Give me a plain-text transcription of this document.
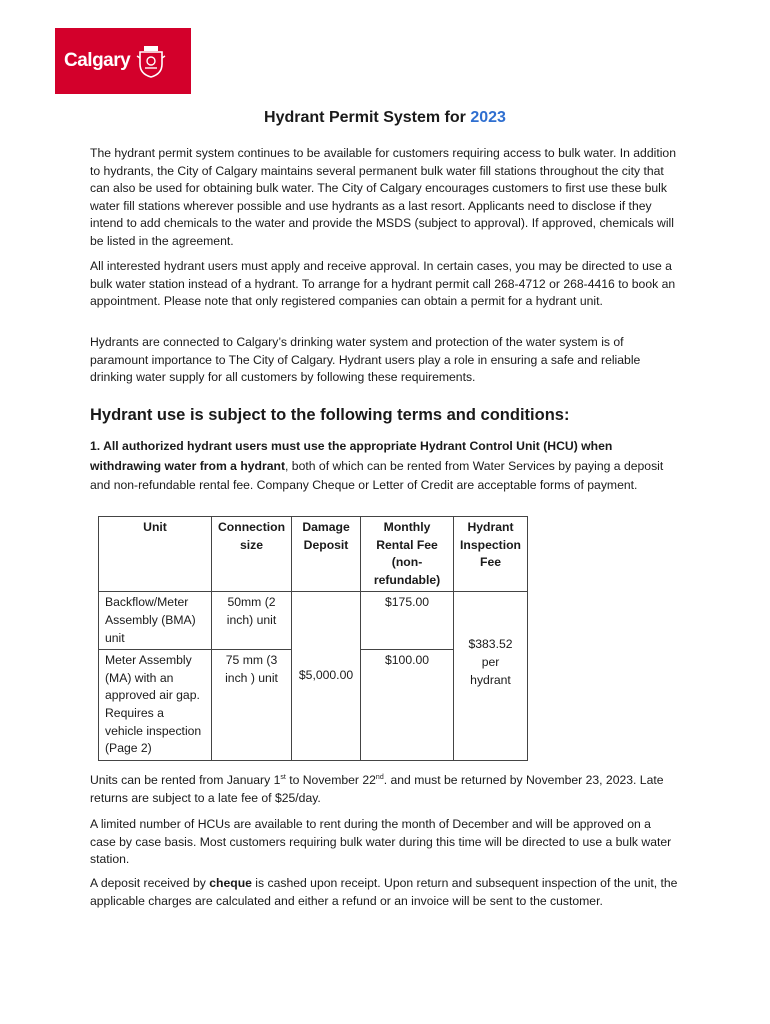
Calgary
Hydrant Permit System for 2023

The hydrant permit system continues to be available for customers requiring access to bulk water. In addition to hydrants, the City of Calgary maintains several permanent bulk water fill stations throughout the city that can also be used for obtaining bulk water. The City of Calgary encourages customers to first use these bulk water fill stations wherever possible and use hydrants as a last resort. Applicants need to disclose if they intend to add chemicals to the water and provide the MSDS (subject to approval). If approved, chemicals will be listed in the agreement.

All interested hydrant users must apply and receive approval. In certain cases, you may be directed to use a bulk water station instead of a hydrant. To arrange for a hydrant permit call 268-4712 or 268-4416 to book an appointment. Please note that only registered companies can obtain a permit for a hydrant unit.

Hydrants are connected to Calgary’s drinking water system and protection of the water system is of paramount importance to The City of Calgary. Hydrant users play a role in ensuring a safe and reliable drinking water supply for all customers by following these requirements.

Hydrant use is subject to the following terms and conditions:

1. All authorized hydrant users must use the appropriate Hydrant Control Unit (HCU) when withdrawing water from a hydrant, both of which can be rented from Water Services by paying a deposit and non-refundable rental fee. Company Cheque or Letter of Credit are acceptable forms of payment.

Unit	Connection size	Damage Deposit	Monthly Rental Fee (non-refundable)	Hydrant Inspection Fee
Backflow/Meter Assembly (BMA) unit	50mm (2 inch) unit	$5,000.00	$175.00	$383.52 per hydrant
Meter Assembly (MA) with an approved air gap. Requires a vehicle inspection (Page 2)	75 mm (3 inch ) unit		$100.00	

Units can be rented from January 1st to November 22nd. and must be returned by November 23, 2023. Late returns are subject to a late fee of $25/day.

A limited number of HCUs are available to rent during the month of December and will be approved on a case by case basis. Most customers requiring bulk water during this time will be directed to use a bulk water station.

A deposit received by cheque is cashed upon receipt. Upon return and subsequent inspection of the unit, the applicable charges are calculated and either a refund or an invoice will be sent to the customer.
